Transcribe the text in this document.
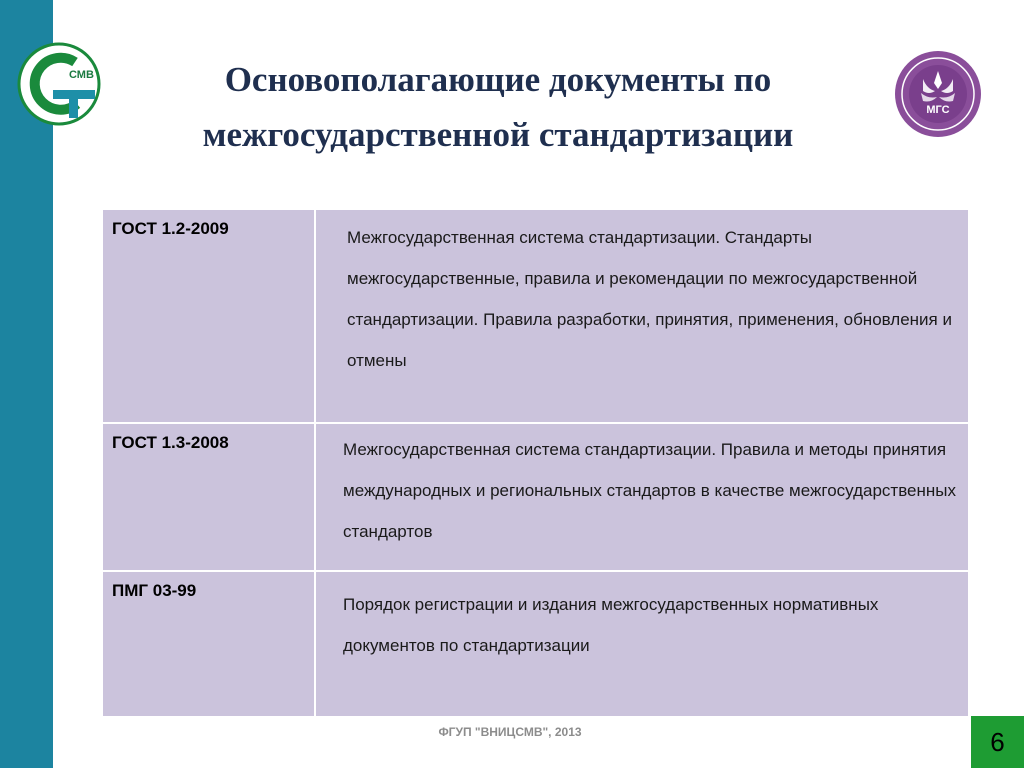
СМВ	Основополагающие документы по
межгосударственной стандартизации
МГС
ГОСТ 1.2-2009	Межгосударственная система стандартизации. Стандарты межгосударственные, правила и рекомендации по межгосударственной стандартизации. Правила разработки, принятия, применения, обновления и отмены

ГОСТ 1.3-2008	Межгосударственная система стандартизации. Правила и методы принятия международных и региональных стандартов в качестве межгосударственных стандартов

ПМГ 03-99	Порядок регистрации и издания межгосударственных нормативных документов по стандартизации
ФГУП "ВНИЦСМВ", 2013	6
